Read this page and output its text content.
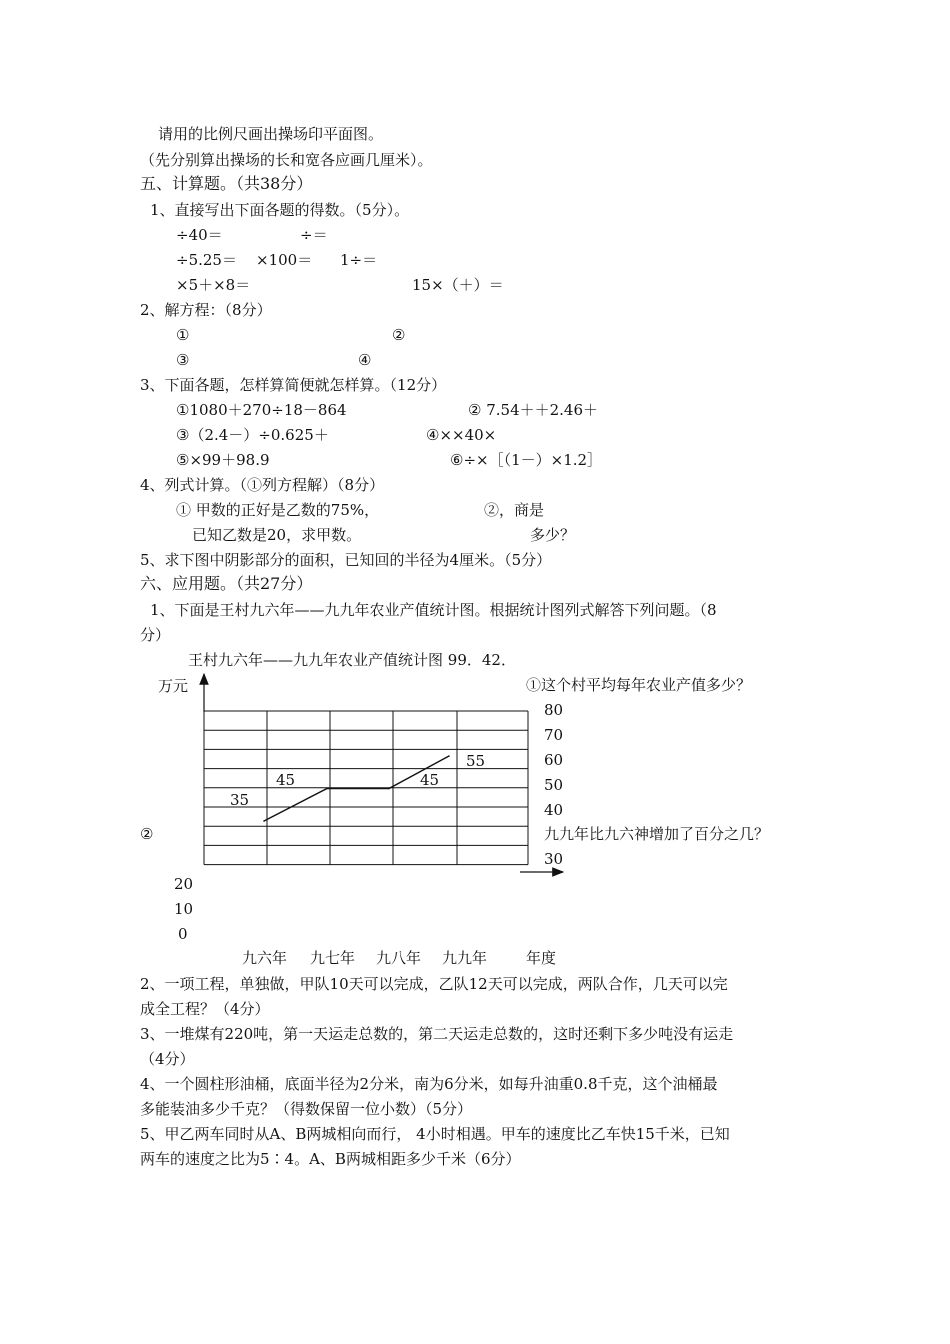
请用的比例尺画出操场印平面图。
（先分别算出操场的长和宽各应画几厘米）。
五、计算题。（共38分）
1、直接写出下面各题的得数。（5分）。
÷40＝	÷＝
÷5.25＝ ×100＝ 1÷＝
×5＋×8＝	15×（＋）＝
2、解方程：（8分）
①	②
③	④
3、下面各题，怎样算简便就怎样算。（12分）
①1080＋270÷18－864	② 7.54＋＋2.46＋
③（2.4－）÷0.625＋	④××40×
⑤×99＋98.9	⑥÷×［（1－）×1.2］
4、列式计算。（①列方程解）（8分）
① 甲数的正好是乙数的75%，	②，商是
已知乙数是20，求甲数。	多少？
5、求下图中阴影部分的面积，已知回的半径为4厘米。（5分）
六、应用题。（共27分）
1、下面是王村九六年——九九年农业产值统计图。根据统计图列式解答下列问题。（8
分）
王村九六年——九九年农业产值统计图 99．42．
①这个村平均每年农业产值多少？
②	九九年比九六神增加了百分之几？
万元
年度
80
70
60
50
40
30
20
10
0
九六年 九七年 九八年 九九年
35
45	45
55
2、一项工程，单独做，甲队10天可以完成，乙队12天可以完成，两队合作，几天可以完
成全工程？（4分）
3、一堆煤有220吨，第一天运走总数的，第二天运走总数的，这时还剩下多少吨没有运走
（4分）
4、一个圆柱形油桶，底面半径为2分米，南为6分米，如每升油重0.8千克，这个油桶最
多能装油多少千克？（得数保留一位小数）（5分）
5、甲乙两车同时从A、B两城相向而行， 4小时相遇。甲车的速度比乙车快15千米，已知
两车的速度之比为5∶4。A、B两城相距多少千米（6分）
